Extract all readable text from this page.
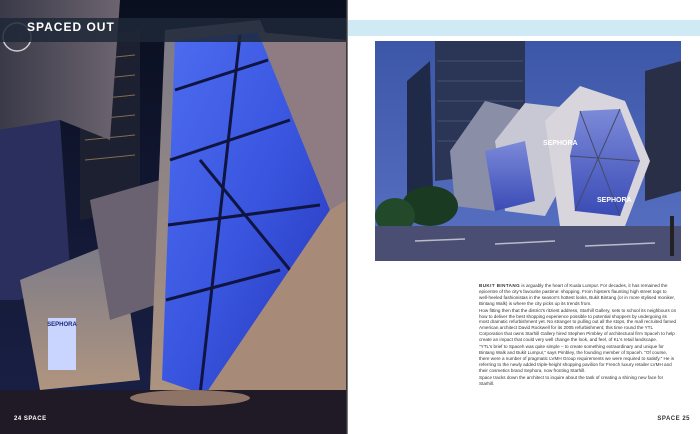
SEPHORA
SPACED OUT
24 SPACE
SEPHORA
SEPHORA

BUKIT BINTANG is arguably the heart of Kuala Lumpur. For decades, it has remained the epicentre of the city's favourite pastime: shopping. From hipsters flaunting high street togs to well-heeled fashionistas in the season's hottest looks, Bukit Bintang (or in more stylised moniker, Bintang Walk) is where the city picks up its trends from.

How fitting then that the district's ritziest address, Starhill Gallery, sets to school its neighbours on how to deliver the best shopping experience possible to potential shoppers by undergoing its most dramatic refurbishment yet. No stranger to pulling out all the stops, the mall recruited famed American architect David Rockwell for its 2005 refurbishment; this time round the YTL Corporation that owns Starhill Gallery hired Stephen Pimbley of architectural firm Spaceh to help create an impact that could very well change the look, and feel, of KL's retail landscape.

"YTL's brief to Spaceh was quite simple – to create something extraordinary and unique for Bintang Walk and Bukit Lumpur," says Pimbley, the founding member of Spaceh. "Of course, there were a number of pragmatic LVMH Group requirements we were required to satisfy." He is referring to the newly added triple-height shopping pavilion for French luxury retailer LVMH and their cosmetics brand Sephora, now fronting Starhill.

Space tracks down the architect to inquire about the task of creating a shining new face for Starhill.

SPACE 25
